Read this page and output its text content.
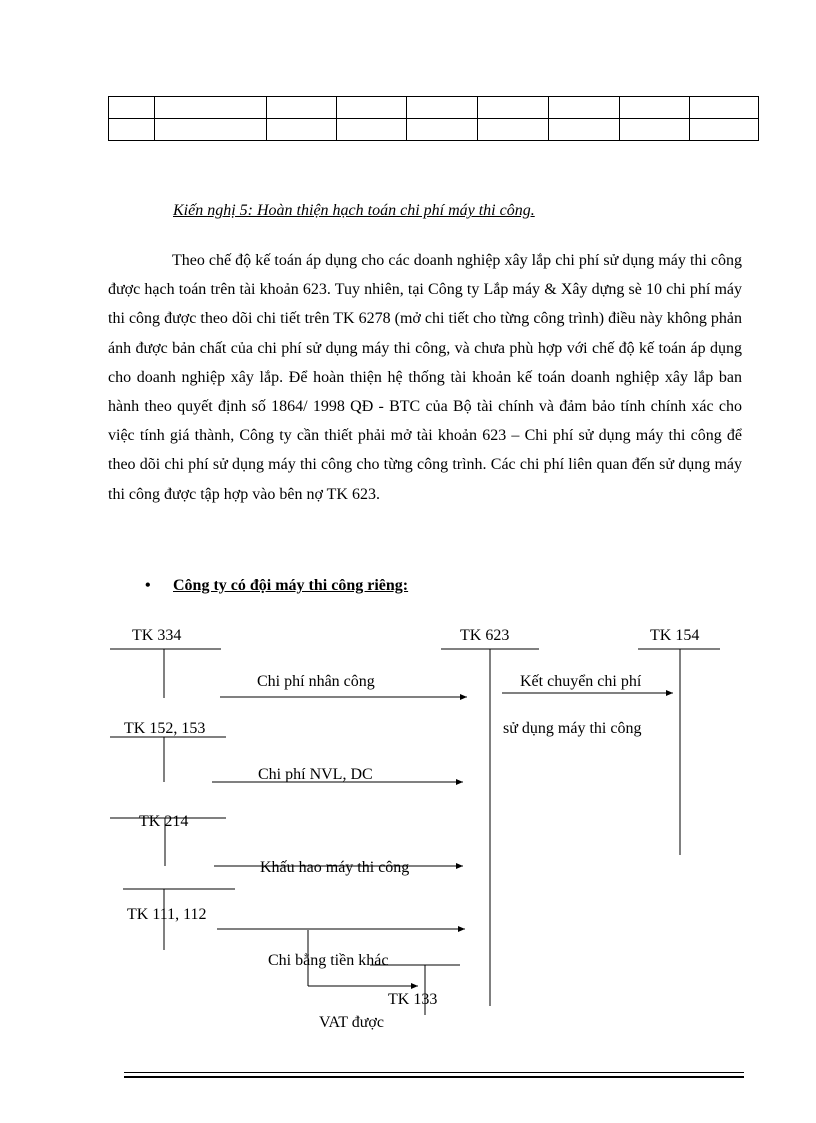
Kiến nghị 5: Hoàn thiện hạch toán chi phí máy thi công.

Theo chế độ kế toán áp dụng cho các doanh nghiệp xây lắp chi phí sử dụng máy thi công được hạch toán trên tài khoản 623. Tuy nhiên, tại Công ty Lắp máy & Xây dựng sè 10 chi phí máy thi công được theo dõi chi tiết trên TK 6278 (mở chi tiết cho từng công trình) điều này không phản ánh được bản chất của chi phí sử dụng máy thi công, và chưa phù hợp với chế độ kế toán áp dụng cho doanh nghiệp xây lắp. Để hoàn thiện hệ thống tài khoản kế toán doanh nghiệp xây lắp ban hành theo quyết định số 1864/ 1998 QĐ - BTC của Bộ tài chính và đảm bảo tính chính xác cho việc tính giá thành, Công ty cần thiết phải mở tài khoản 623 – Chi phí sử dụng máy thi công để theo dõi chi phí sử dụng máy thi công cho từng công trình. Các chi phí liên quan đến sử dụng máy thi công được tập hợp vào bên nợ TK 623.

• Công ty có đội máy thi công riêng:
TK 334	TK 623	TK 154
Chi phí nhân công	Kết chuyển chi phí
sử dụng máy thi công
TK 152, 153
Chi phí NVL, DC
TK 214
Khấu hao máy thi công
TK 111, 112
Chi bằng tiền khác
TK 133
VAT được
